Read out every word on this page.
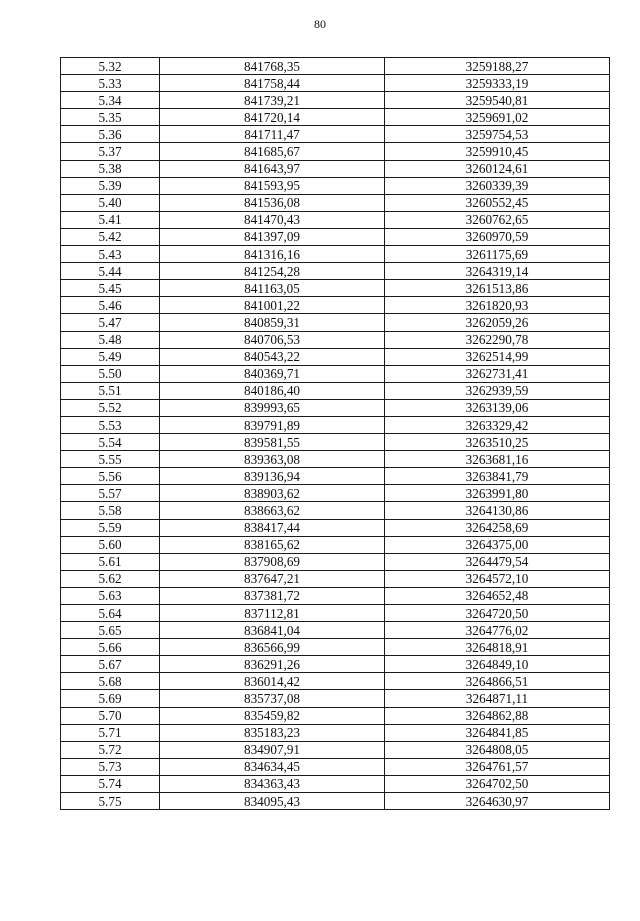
80
5.32	841768,35	3259188,27
5.33	841758,44	3259333,19
5.34	841739,21	3259540,81
5.35	841720,14	3259691,02
5.36	841711,47	3259754,53
5.37	841685,67	3259910,45
5.38	841643,97	3260124,61
5.39	841593,95	3260339,39
5.40	841536,08	3260552,45
5.41	841470,43	3260762,65
5.42	841397,09	3260970,59
5.43	841316,16	3261175,69
5.44	841254,28	3264319,14
5.45	841163,05	3261513,86
5.46	841001,22	3261820,93
5.47	840859,31	3262059,26
5.48	840706,53	3262290,78
5.49	840543,22	3262514,99
5.50	840369,71	3262731,41
5.51	840186,40	3262939,59
5.52	839993,65	3263139,06
5.53	839791,89	3263329,42
5.54	839581,55	3263510,25
5.55	839363,08	3263681,16
5.56	839136,94	3263841,79
5.57	838903,62	3263991,80
5.58	838663,62	3264130,86
5.59	838417,44	3264258,69
5.60	838165,62	3264375,00
5.61	837908,69	3264479,54
5.62	837647,21	3264572,10
5.63	837381,72	3264652,48
5.64	837112,81	3264720,50
5.65	836841,04	3264776,02
5.66	836566,99	3264818,91
5.67	836291,26	3264849,10
5.68	836014,42	3264866,51
5.69	835737,08	3264871,11
5.70	835459,82	3264862,88
5.71	835183,23	3264841,85
5.72	834907,91	3264808,05
5.73	834634,45	3264761,57
5.74	834363,43	3264702,50
5.75	834095,43	3264630,97
